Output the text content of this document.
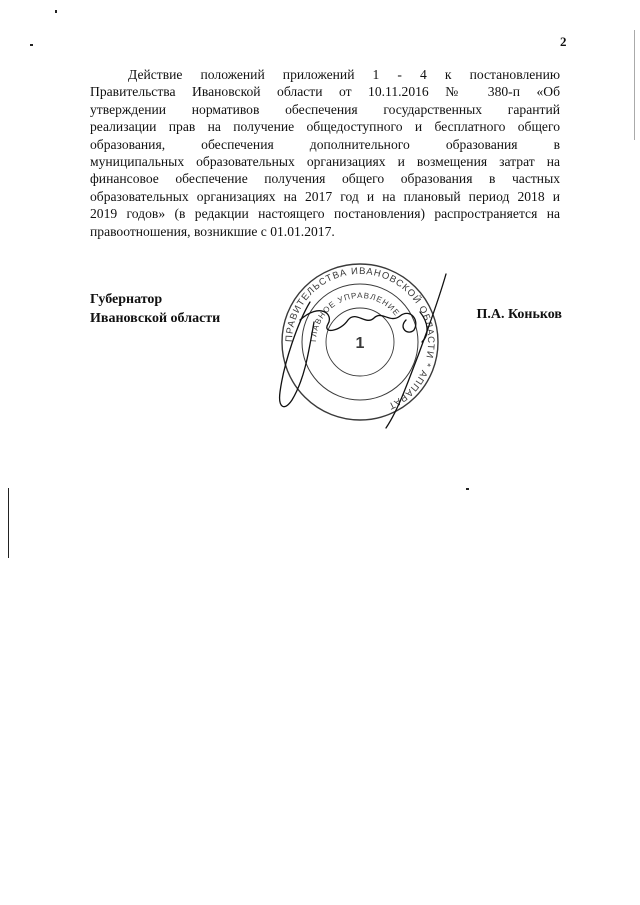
2
Действие положений приложений 1 - 4 к постановлению
Правительства Ивановской области от 10.11.2016 № 380-п «Об
утверждении нормативов обеспечения государственных гарантий
реализации прав на получение общедоступного и бесплатного общего
образования, обеспечения дополнительного образования в
муниципальных образовательных организациях и возмещения затрат на
финансовое обеспечение получения общего образования в частных
образовательных организациях на 2017 год и на плановый период 2018 и
2019 годов» (в редакции настоящего постановления) распространяется на
правоотношения, возникшие с 01.01.2017.
Губернатор
Ивановской области	П.А. Коньков
ПРАВИТЕЛЬСТВА ИВАНОВСКОЙ ОБЛАСТИ * АППАРАТ
ГЛАВНОЕ УПРАВЛЕНИЕ
1
